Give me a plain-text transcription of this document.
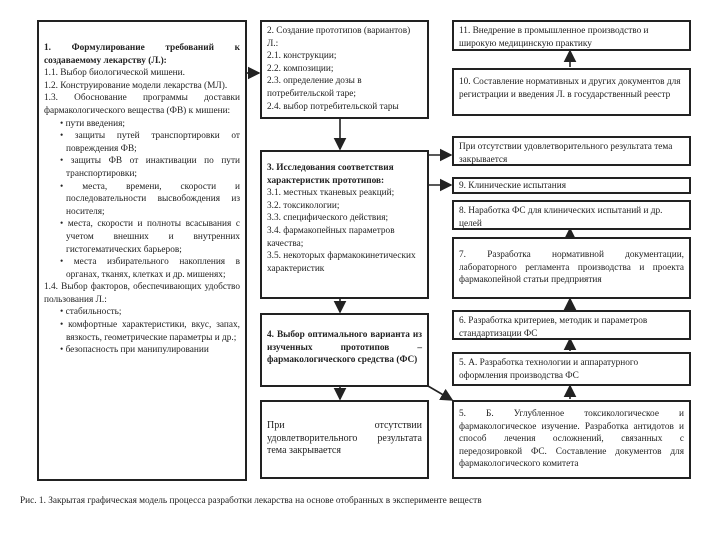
1. Формулирование требований к создаваемому лекарству (Л.):

1.1. Выбор биологической мишени.

1.2. Конструирование модели лекарства (МЛ).

1.3. Обоснование программы доставки фармакологического вещества (ФВ) к мишени:

• пути введения;

• защиты путей транспортировки от повреждения ФВ;

• защиты ФВ от инактивации по пути транспортировки;

• места, времени, скорости и последовательности высвобождения из носителя;

• места, скорости и полноты всасывания с учетом внешних и внутренних гистогематических барьеров;

• места избирательного накопления в органах, тканях, клетках и др. мишенях;

1.4. Выбор факторов, обеспечивающих удобство пользования Л.:

• стабильность;

• комфортные характеристики, вкус, запах, вязкость, геометрические параметры и др.;

• безопасность при манипулировании

2. Создание прототипов (вариантов) Л.:

2.1. конструкции;

2.2. композиции;

2.3. определение дозы в потребительской таре;

2.4. выбор потребительской тары

3. Исследования соответствия характеристик прототипов:

3.1. местных тканевых реакций;

3.2. токсикологии;

3.3. специфического действия;

3.4. фармакопейных параметров качества;

3.5. некоторых фармакокинетических характеристик

4. Выбор оптимального варианта из изученных прототипов – фармакологического средства (ФС)

При отсутствии удовлетворительного результата тема закрывается

11. Внедрение в промышленное производство и широкую медицинскую практику

10. Составление нормативных и других документов для регистрации и введения Л. в государственный реестр

При отсутствии удовлетворительного результата тема закрывается

9. Клинические испытания

8. Наработка ФС для клинических испытаний и др. целей

7. Разработка нормативной документации, лабораторного регламента производства и проекта фармакопейной статьи предприятия

6. Разработка критериев, методик и параметров стандартизации ФС

5. А. Разработка технологии и аппаратурного оформления производства ФС

5. Б. Углубленное токсикологическое и фармакологическое изучение. Разработка антидотов и способ лечения осложнений, связанных с передозировкой ФС. Составление документов для фармакологического комитета

Рис. 1. Закрытая графическая модель процесса разработки лекарства на основе отобранных в эксперименте веществ
